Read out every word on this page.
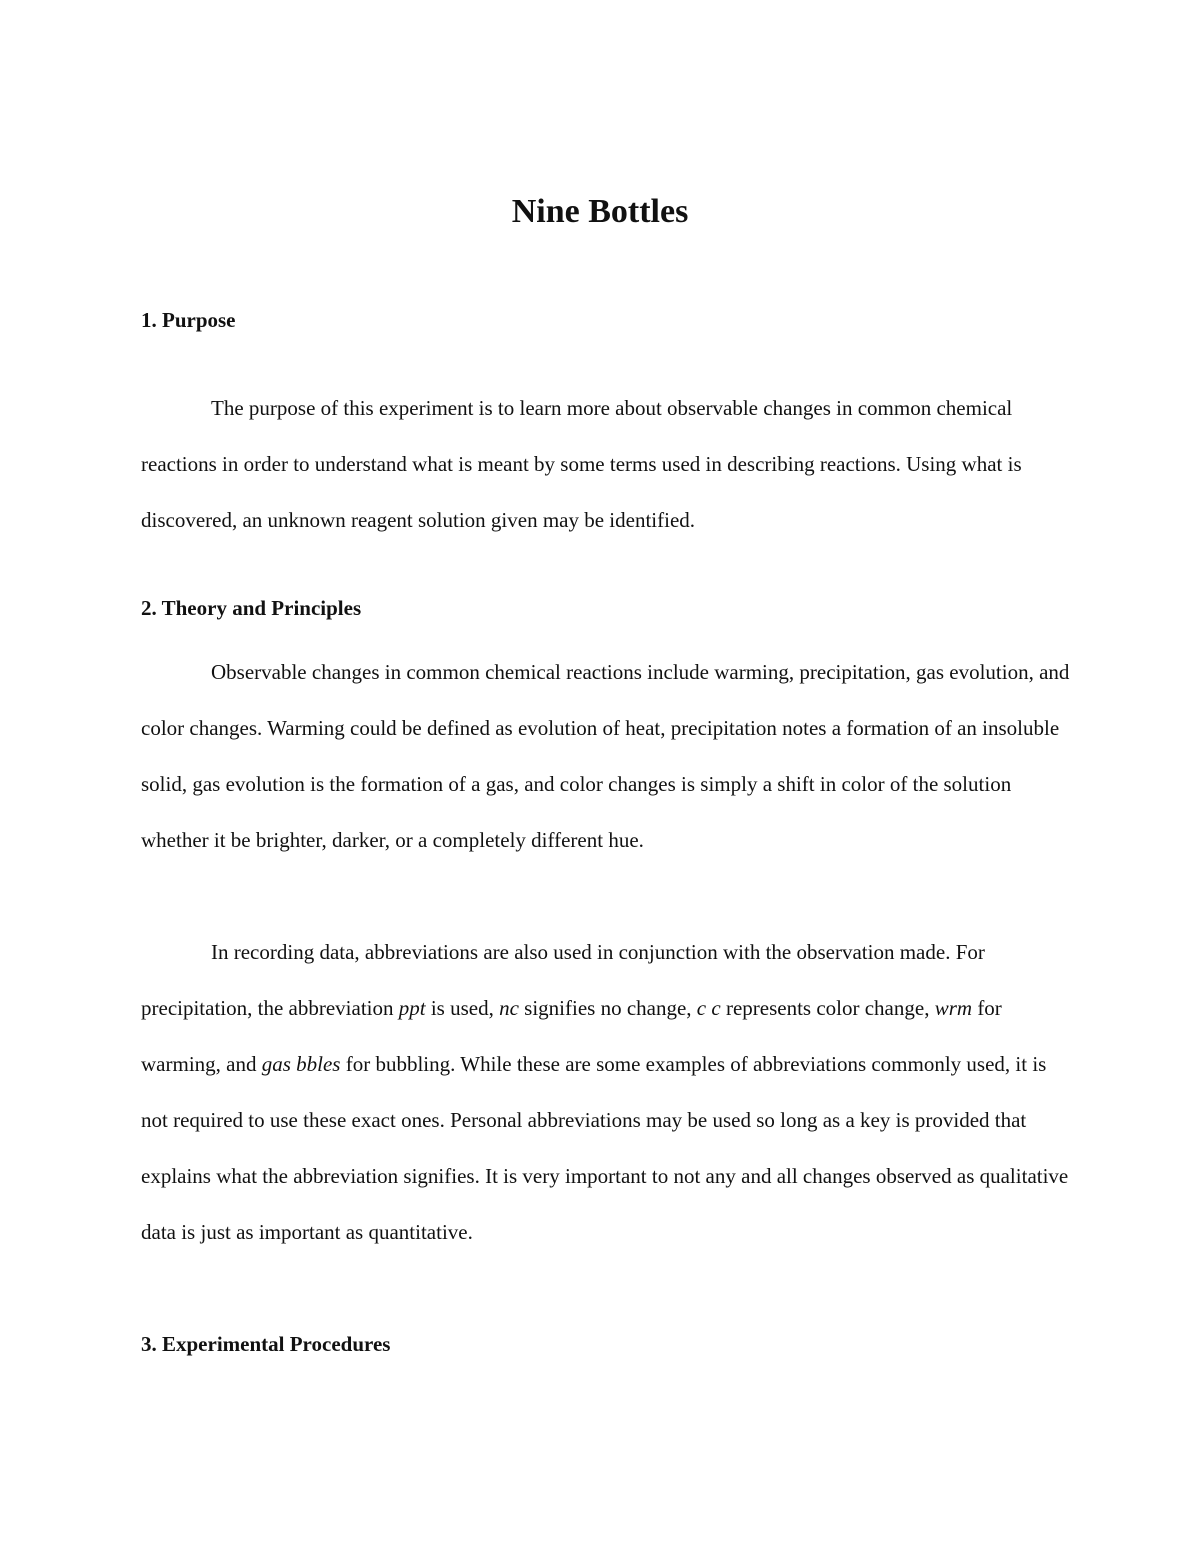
Nine Bottles
1. Purpose

The purpose of this experiment is to learn more about observable changes in common chemical reactions in order to understand what is meant by some terms used in describing reactions. Using what is discovered, an unknown reagent solution given may be identified.

2. Theory and Principles

Observable changes in common chemical reactions include warming, precipitation, gas evolution, and color changes. Warming could be defined as evolution of heat, precipitation notes a formation of an insoluble solid, gas evolution is the formation of a gas, and color changes is simply a shift in color of the solution whether it be brighter, darker, or a completely different hue.

In recording data, abbreviations are also used in conjunction with the observation made. For precipitation, the abbreviation ppt is used, nc signifies no change, c c represents color change, wrm for warming, and gas bbles for bubbling. While these are some examples of abbreviations commonly used, it is not required to use these exact ones. Personal abbreviations may be used so long as a key is provided that explains what the abbreviation signifies. It is very important to not any and all changes observed as qualitative data is just as important as quantitative.

3. Experimental Procedures
